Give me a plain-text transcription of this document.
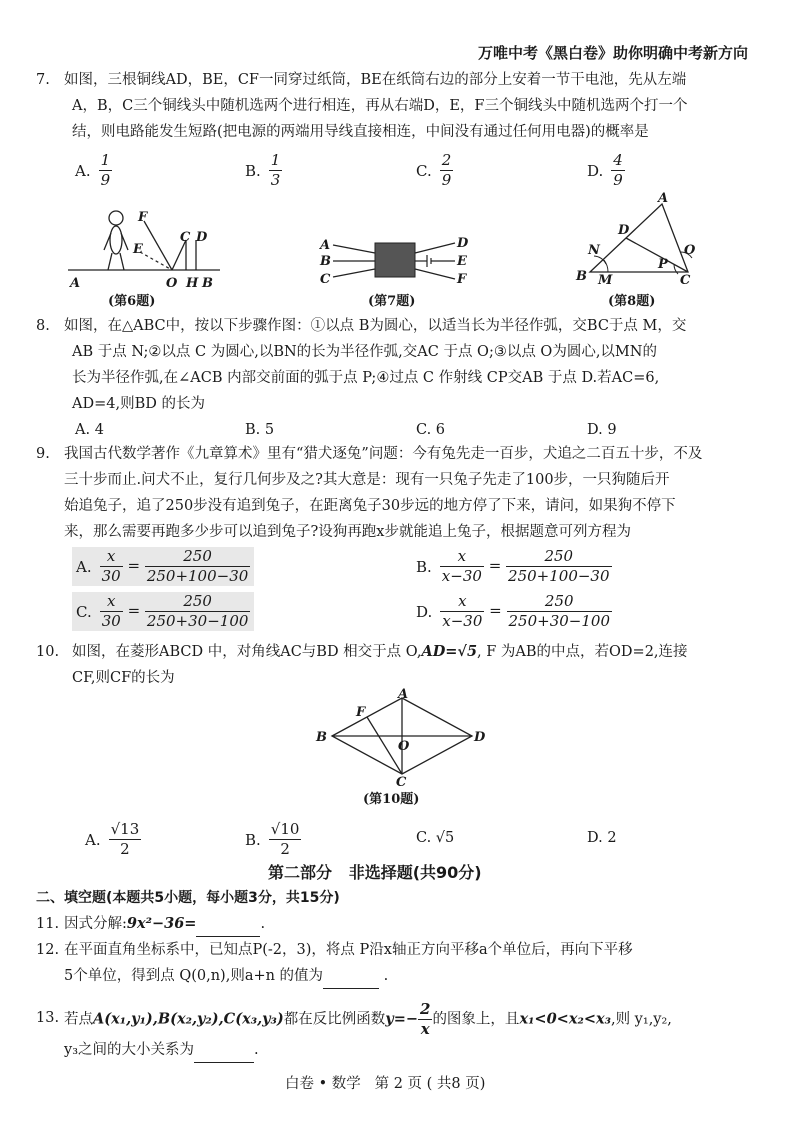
万唯中考《黑白卷》助你明确中考新方向
7. 如图，三根铜线AD，BE，CF一同穿过纸筒，BE在纸筒右边的部分上安着一节干电池，先从左端
A，B，C三个铜线头中随机选两个进行相连，再从右端D，E，F三个铜线头中随机选两个打一个
结，则电路能发生短路(把电源的两端用导线直接相连，中间没有通过任何用电器)的概率是
A. $\frac{1}{9}$	B. $\frac{1}{3}$	C. $\frac{2}{9}$	D. $\frac{4}{9}$
F
E
C D
A	O H B
(第6题)
A
B
C
D
E
F
(第7题)
A
D
N	O
P
B M	C
(第8题)
8. 如图，在△ABC中，按以下步骤作图：①以点 B为圆心，以适当长为半径作弧，交BC于点 M，交
AB 于点 N;②以点 C 为圆心,以BN的长为半径作弧,交AC 于点 O;③以点 O为圆心,以MN的
长为半径作弧,在∠ACB 内部交前面的弧于点 P;④过点 C 作射线 CP交AB 于点 D.若AC=6,
AD=4,则BD 的长为
A. 4	B. 5	C. 6	D. 9
9. 我国古代数学著作《九章算术》里有“猎犬逐兔”问题：今有兔先走一百步，犬追之二百五十步，不及
三十步而止.问犬不止，复行几何步及之?其大意是：现有一只兔子先走了100步，一只狗随后开
始追兔子，追了250步没有追到兔子，在距离兔子30步远的地方停了下来，请问，如果狗不停下
来，那么需要再跑多少步可以追到兔子?设狗再跑x步就能追上兔子，根据题意可列方程为
A. $\frac{x}{30} = \frac{250}{250+100-30}$	B. $\frac{x}{x-30} = \frac{250}{250+100-30}$
C. $\frac{x}{30} = \frac{250}{250+30-100}$	D. $\frac{x}{x-30} = \frac{250}{250+30-100}$
10. 如图，在菱形ABCD 中，对角线AC与BD 相交于点 O,AD=√5, F 为AB的中点，若OD=2,连接
CF,则CF的长为
A
F
B
O
D
C
(第10题)
A. $\frac{√13}{2}$	B. $\frac{√10}{2}$	C. √5	D. 2
第二部分   非选择题(共90分)
二、填空题(本题共5小题，每小题3分，共15分)
11. 因式分解:9x²−36=	.
12. 在平面直角坐标系中，已知点P(-2，3)，将点 P沿x轴正方向平移a个单位后，再向下平移
5个单位，得到点 Q(0,n),则a+n 的值为	.
13. 若点A(x₁,y₁),B(x₂,y₂),C(x₃,y₃)都在反比例函数$y=- \frac{2}{x}$ 的图象上，且x₁<0<x₂<x₃,则 y₁,y₂,
y₃之间的大小关系为	.
白卷 • 数学   第 2 页 ( 共8 页)
